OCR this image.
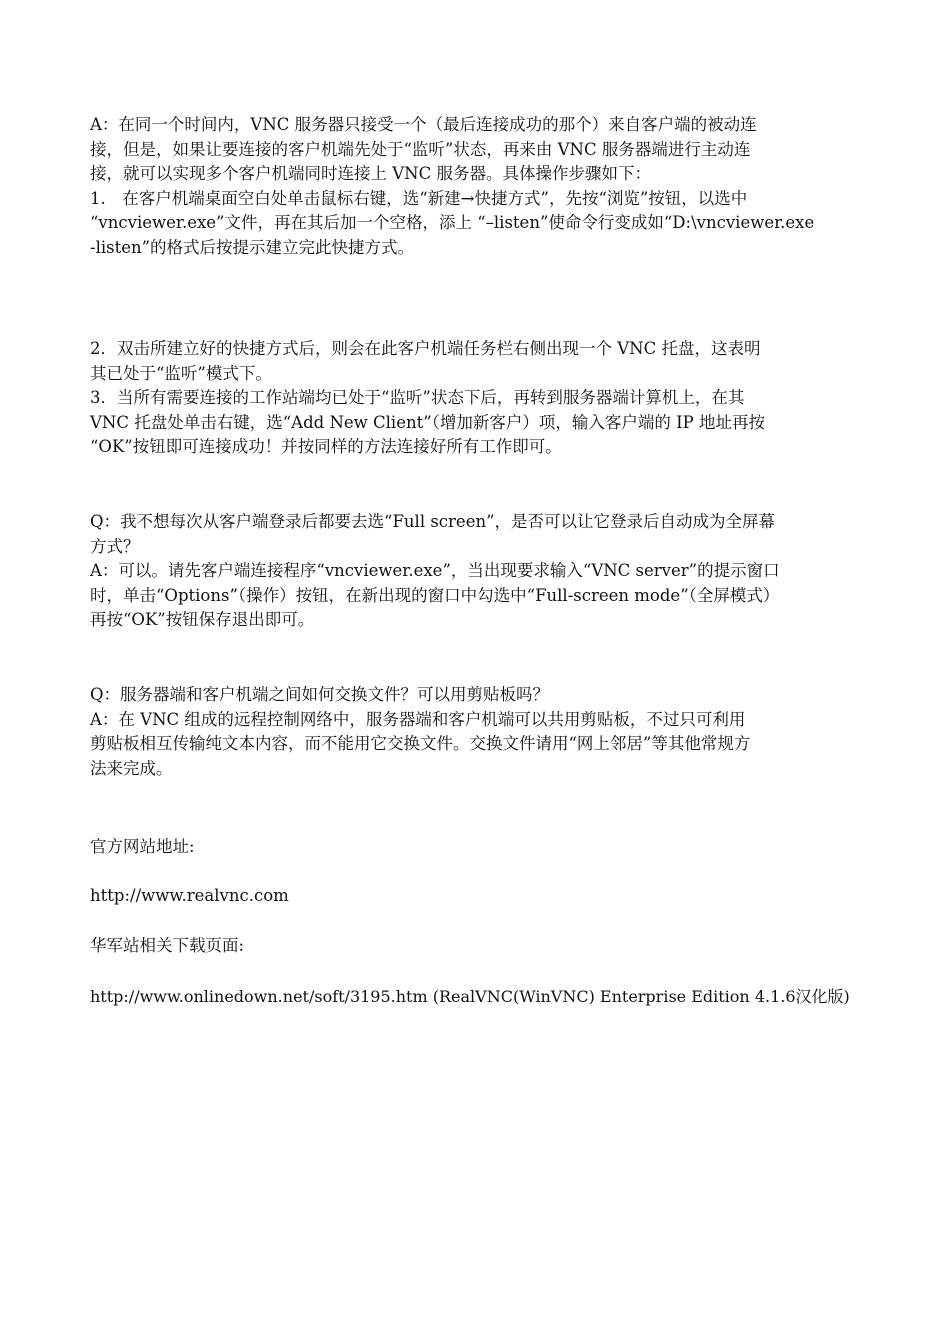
A：在同一个时间内，VNC 服务器只接受一个（最后连接成功的那个）来自客户端的被动连
接，但是，如果让要连接的客户机端先处于“监听”状态，再来由 VNC 服务器端进行主动连
接，就可以实现多个客户机端同时连接上 VNC 服务器。具体操作步骤如下：
1.　在客户机端桌面空白处单击鼠标右键，选“新建→快捷方式”，先按“浏览”按钮，以选中
“vncviewer.exe”文件，再在其后加一个空格，添上 “–listen”使命令行变成如“D:\vncviewer.exe
-listen”的格式后按提示建立完此快捷方式。
2．双击所建立好的快捷方式后，则会在此客户机端任务栏右侧出现一个 VNC 托盘，这表明
其已处于“监听”模式下。
3．当所有需要连接的工作站端均已处于“监听”状态下后，再转到服务器端计算机上，在其
VNC 托盘处单击右键，选“Add New Client”（增加新客户）项，输入客户端的 IP 地址再按
“OK”按钮即可连接成功！并按同样的方法连接好所有工作即可。
Q：我不想每次从客户端登录后都要去选“Full screen”，是否可以让它登录后自动成为全屏幕
方式？
A：可以。请先客户端连接程序“vncviewer.exe”，当出现要求输入“VNC server”的提示窗口
时，单击“Options”（操作）按钮，在新出现的窗口中勾选中“Full-screen mode”（全屏模式）
再按“OK”按钮保存退出即可。
Q：服务器端和客户机端之间如何交换文件？可以用剪贴板吗？
A：在 VNC 组成的远程控制网络中，服务器端和客户机端可以共用剪贴板，不过只可利用
剪贴板相互传输纯文本内容，而不能用它交换文件。交换文件请用“网上邻居”等其他常规方
法来完成。
官方网站地址:
http://www.realvnc.com
华军站相关下载页面:
http://www.onlinedown.net/soft/3195.htm (RealVNC(WinVNC) Enterprise Edition 4.1.6汉化版)
